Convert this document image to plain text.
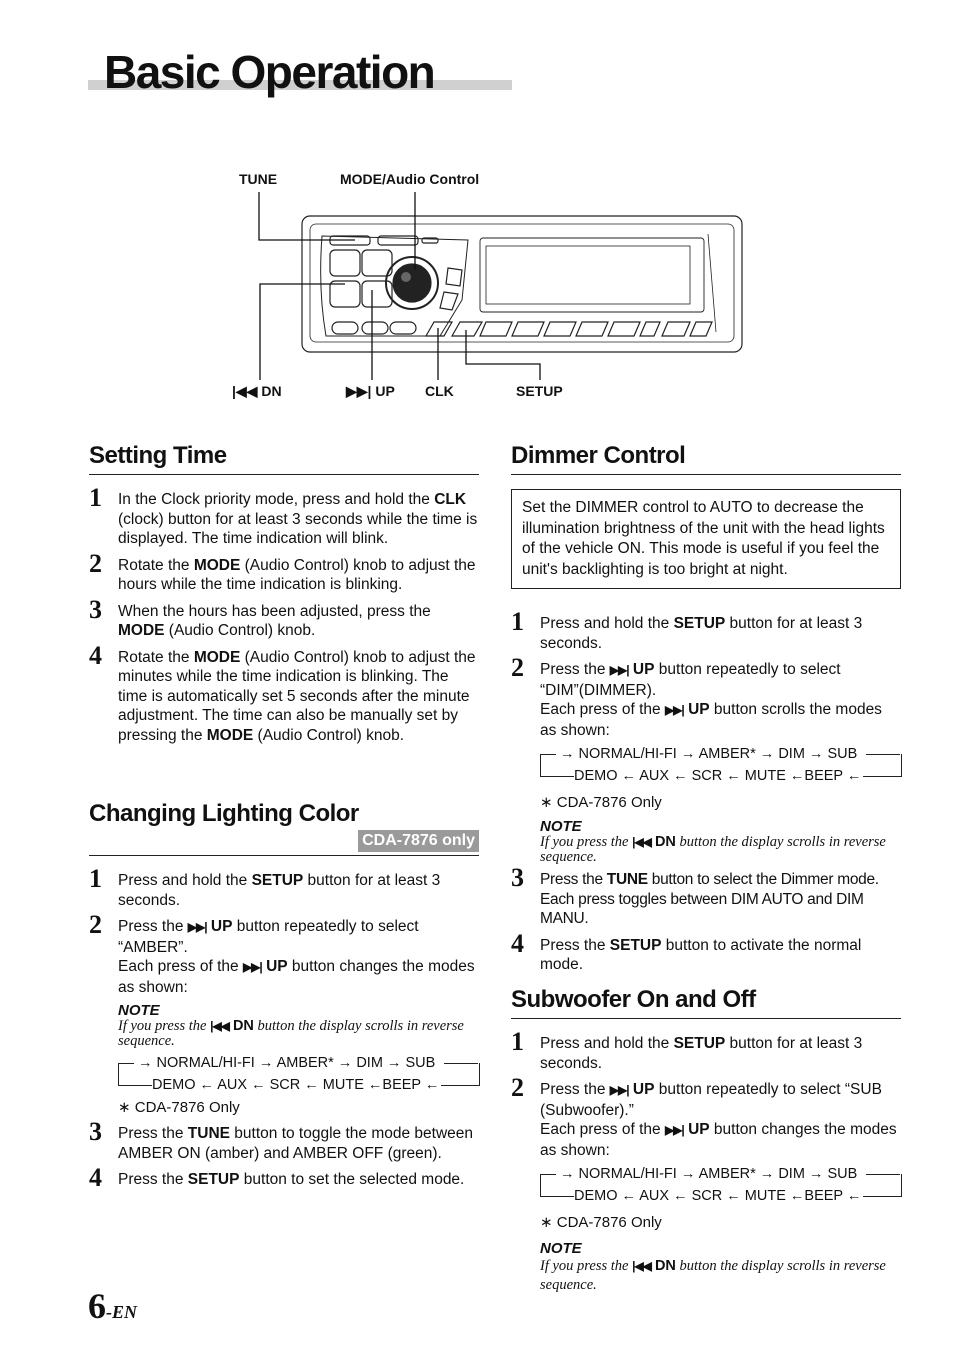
Basic Operation
TUNE	MODE/Audio Control
|◀◀ DN	▶▶| UP CLK	SETUP
Setting Time
1 In the Clock priority mode, press and hold the CLK (clock) button for at least 3 seconds while the time is displayed. The time indication will blink.
2 Rotate the MODE (Audio Control) knob to adjust the hours while the time indication is blinking.
3 When the hours has been adjusted, press the MODE (Audio Control) knob.
4 Rotate the MODE (Audio Control) knob to adjust the minutes while the time indication is blinking. The time is automatically set 5 seconds after the minute adjustment. The time can also be manually set by pressing the MODE (Audio Control) knob.
Changing Lighting Color
CDA-7876 only
1 Press and hold the SETUP button for at least 3 seconds.
2 Press the ▶▶| UP button repeatedly to select “AMBER”.
Each press of the ▶▶| UP button changes the modes as shown:
NOTE
If you press the |◀◀ DN button the display scrolls in reverse sequence.
→ NORMAL/HI-FI → AMBER* → DIM → SUB
DEMO ← AUX ← SCR ← MUTE ←BEEP ←
∗ CDA-7876 Only
3 Press the TUNE button to toggle the mode between AMBER ON (amber) and AMBER OFF (green).
4 Press the SETUP button to set the selected mode.
Dimmer Control
Set the DIMMER control to AUTO to decrease the illumination brightness of the unit with the head lights of the vehicle ON. This mode is useful if you feel the unit's backlighting is too bright at night.
1 Press and hold the SETUP button for at least 3 seconds.
2 Press the ▶▶| UP button repeatedly to select “DIM”(DIMMER).
Each press of the ▶▶| UP button scrolls the modes as shown:
→ NORMAL/HI-FI → AMBER* → DIM → SUB
DEMO ← AUX ← SCR ← MUTE ←BEEP ←
∗ CDA-7876 Only
NOTE
If you press the |◀◀ DN button the display scrolls in reverse sequence.
3 Press the TUNE button to select the Dimmer mode. Each press toggles between DIM AUTO and DIM MANU.
4 Press the SETUP button to activate the normal mode.
Subwoofer On and Off
1 Press and hold the SETUP button for at least 3 seconds.
2 Press the ▶▶| UP button repeatedly to select “SUB (Subwoofer).”
Each press of the ▶▶| UP button changes the modes as shown:
→ NORMAL/HI-FI → AMBER* → DIM → SUB
DEMO ← AUX ← SCR ← MUTE ←BEEP ←
∗ CDA-7876 Only
NOTE
If you press the |◀◀ DN button the display scrolls in reverse sequence.
6-EN
